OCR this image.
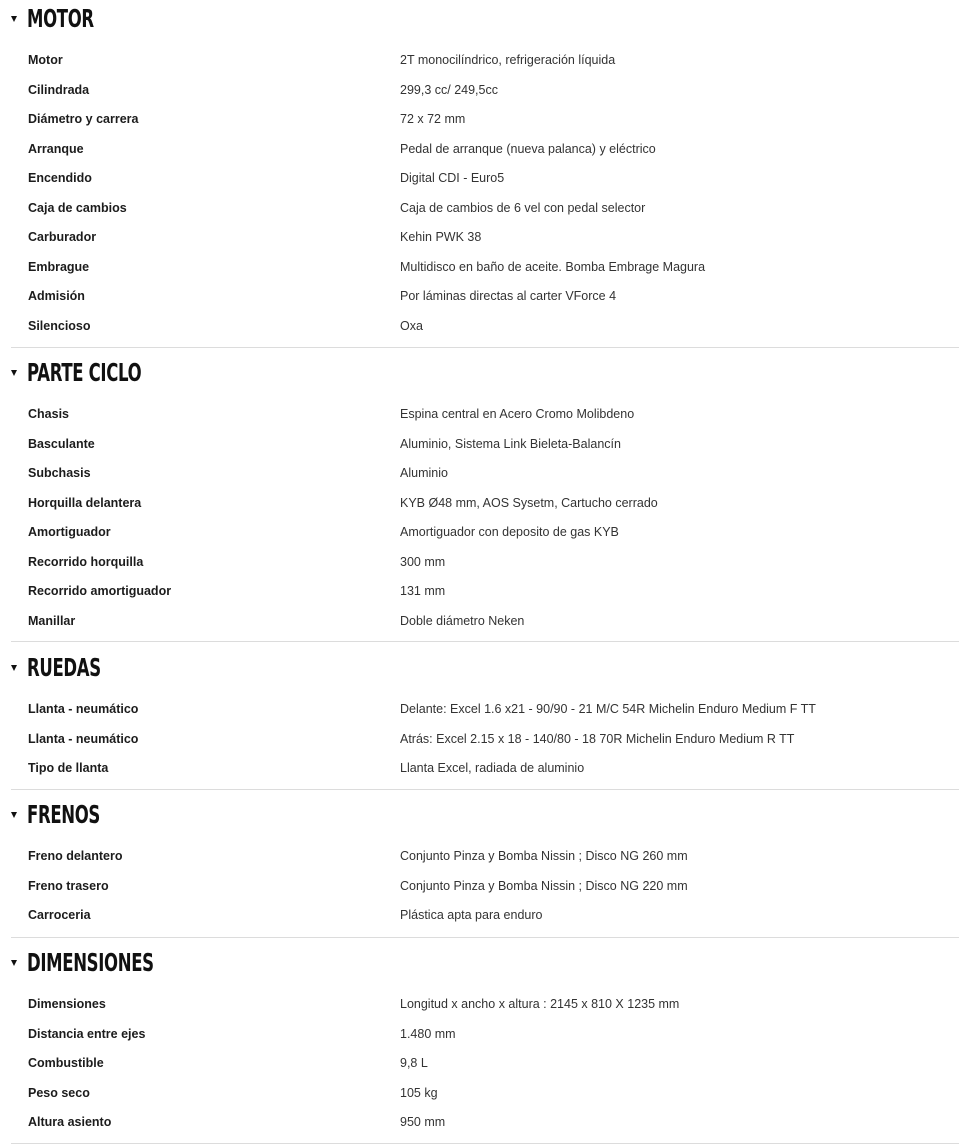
MOTOR
Motor	2T monocilíndrico, refrigeración líquida
Cilindrada	299,3 cc/ 249,5cc
Diámetro y carrera	72 x 72 mm
Arranque	Pedal de arranque (nueva palanca) y eléctrico
Encendido	Digital CDI - Euro5
Caja de cambios	Caja de cambios de 6 vel con pedal selector
Carburador	Kehin PWK 38
Embrague	Multidisco en baño de aceite. Bomba Embrage Magura
Admisión	Por láminas directas al carter VForce 4
Silencioso	Oxa
PARTE CICLO
Chasis	Espina central en Acero Cromo Molibdeno
Basculante	Aluminio, Sistema Link Bieleta-Balancín
Subchasis	Aluminio
Horquilla delantera	KYB Ø48 mm, AOS Sysetm, Cartucho cerrado
Amortiguador	Amortiguador con deposito de gas KYB
Recorrido horquilla	300 mm
Recorrido amortiguador	131 mm
Manillar	Doble diámetro Neken
RUEDAS
Llanta - neumático	Delante: Excel 1.6 x21 - 90/90 - 21 M/C 54R Michelin Enduro Medium F TT
Llanta - neumático	Atrás: Excel 2.15 x 18 - 140/80 - 18 70R Michelin Enduro Medium R TT
Tipo de llanta	Llanta Excel, radiada de aluminio
FRENOS
Freno delantero	Conjunto Pinza y Bomba Nissin ; Disco NG 260 mm
Freno trasero	Conjunto Pinza y Bomba Nissin ; Disco NG 220 mm
Carroceria	Plástica apta para enduro
DIMENSIONES
Dimensiones	Longitud x ancho x altura : 2145 x 810 X 1235 mm
Distancia entre ejes	1.480 mm
Combustible	9,8 L
Peso seco	105 kg
Altura asiento	950 mm
